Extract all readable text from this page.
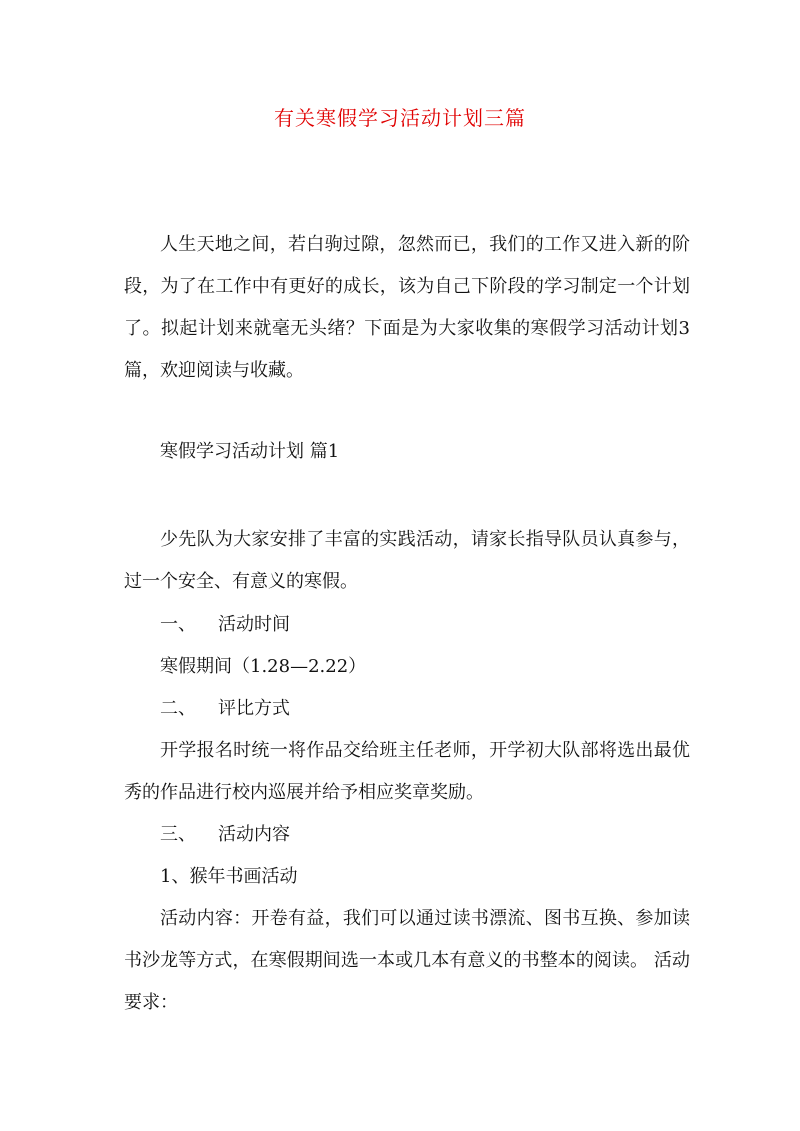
有关寒假学习活动计划三篇
人生天地之间，若白驹过隙，忽然而已，我们的工作又进入新的阶段，为了在工作中有更好的成长，该为自己下阶段的学习制定一个计划了。拟起计划来就毫无头绪？下面是为大家收集的寒假学习活动计划3篇，欢迎阅读与收藏。
寒假学习活动计划 篇1
少先队为大家安排了丰富的实践活动，请家长指导队员认真参与，过一个安全、有意义的寒假。
一、 活动时间
寒假期间（1.28—2.22）
二、 评比方式
开学报名时统一将作品交给班主任老师，开学初大队部将选出最优秀的作品进行校内巡展并给予相应奖章奖励。
三、 活动内容
1、猴年书画活动
活动内容：开卷有益，我们可以通过读书漂流、图书互换、参加读书沙龙等方式，在寒假期间选一本或几本有意义的书整本的阅读。 活动要求：
